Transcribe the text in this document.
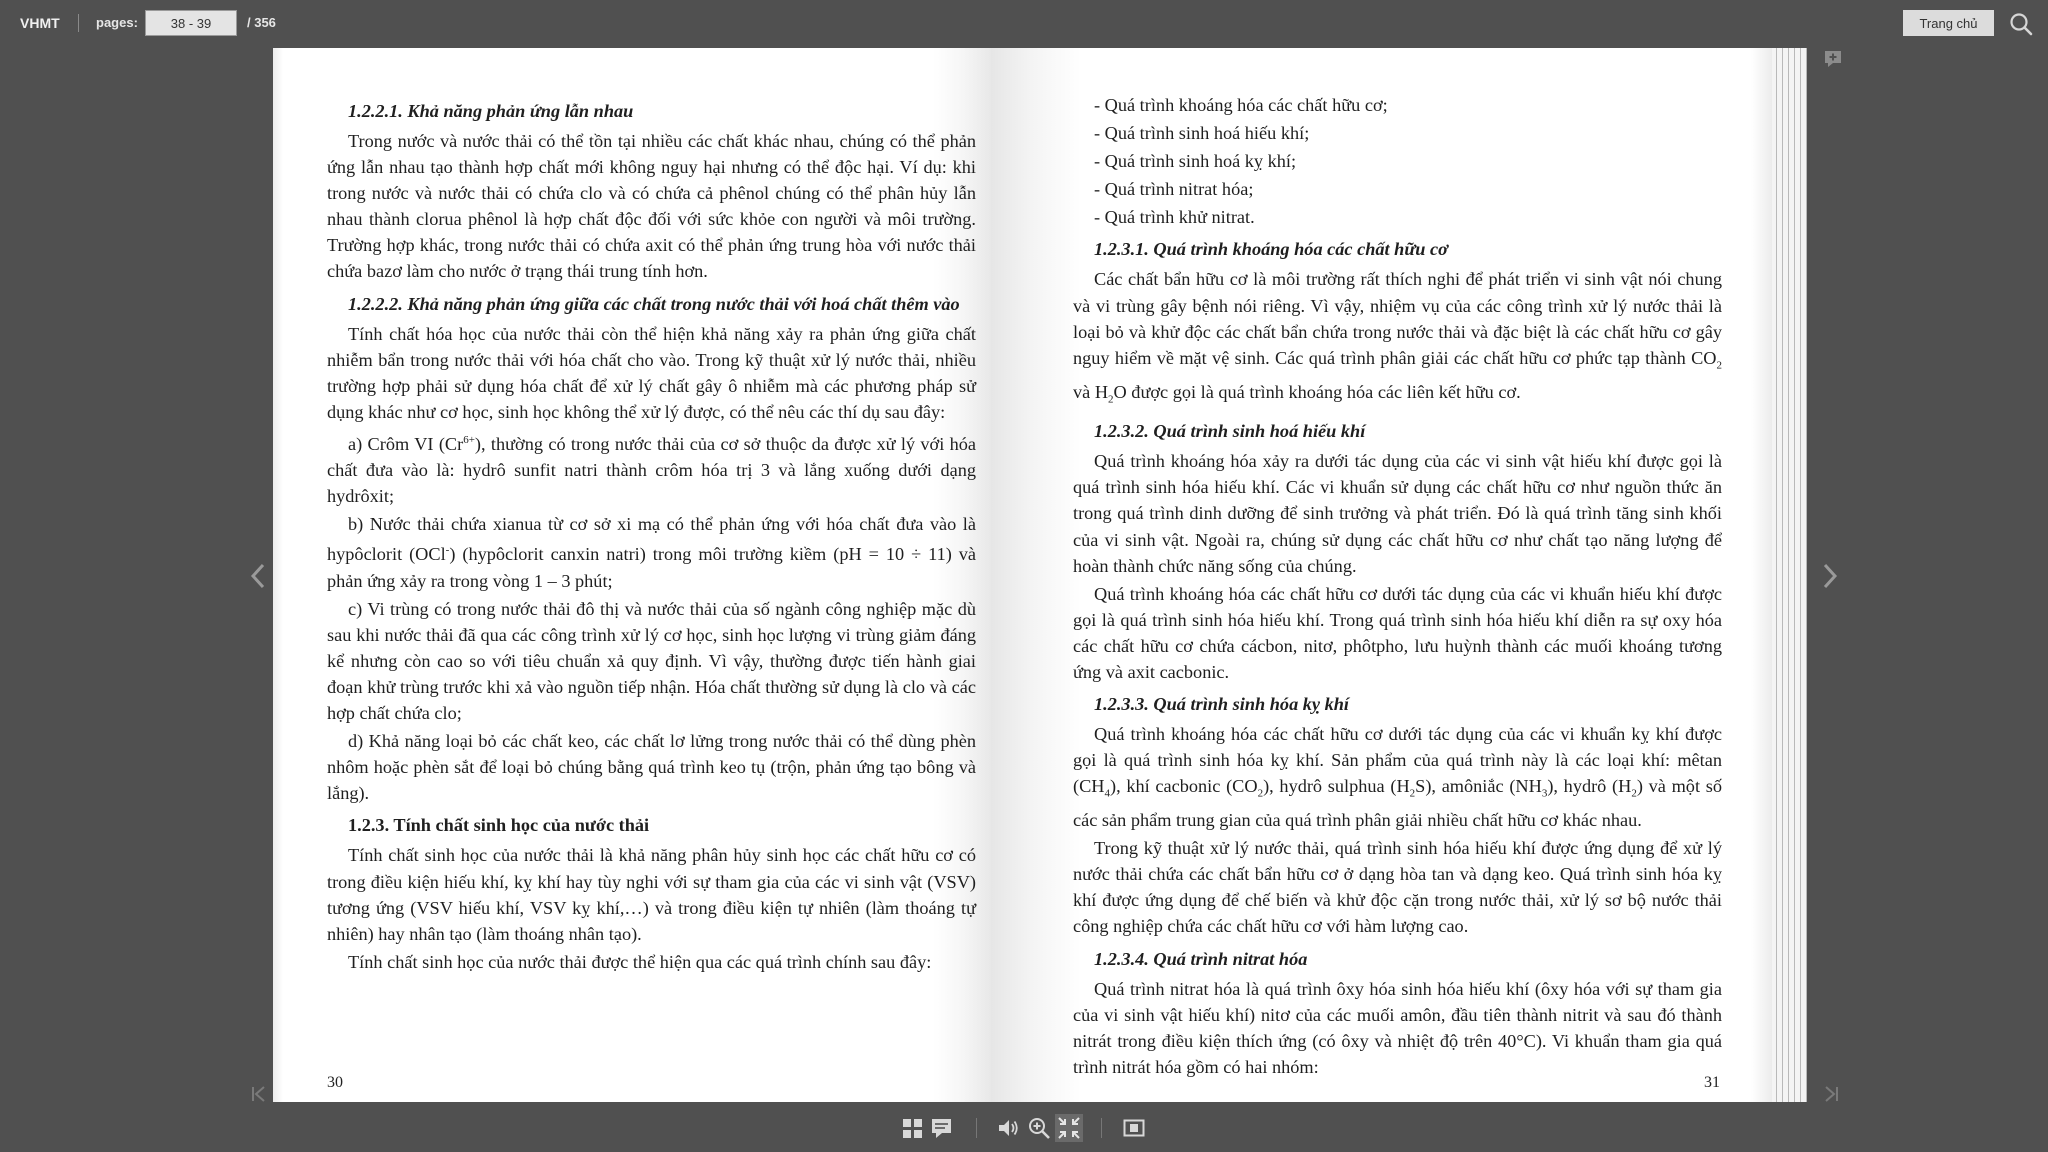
VHMT	pages:
38 - 39	/ 356	Trang chủ
1.2.2.1. Khả năng phản ứng lẫn nhau

Trong nước và nước thải có thể tồn tại nhiều các chất khác nhau, chúng có thể phản ứng lẫn nhau tạo thành hợp chất mới không nguy hại nhưng có thể độc hại. Ví dụ: khi trong nước và nước thải có chứa clo và có chứa cả phênol chúng có thể phân hủy lẫn nhau thành clorua phênol là hợp chất độc đối với sức khỏe con người và môi trường. Trường hợp khác, trong nước thải có chứa axit có thể phản ứng trung hòa với nước thải chứa bazơ làm cho nước ở trạng thái trung tính hơn.

1.2.2.2. Khả năng phản ứng giữa các chất trong nước thải với hoá chất thêm vào

Tính chất hóa học của nước thải còn thể hiện khả năng xảy ra phản ứng giữa chất nhiễm bẩn trong nước thải với hóa chất cho vào. Trong kỹ thuật xử lý nước thải, nhiều trường hợp phải sử dụng hóa chất để xử lý chất gây ô nhiễm mà các phương pháp sử dụng khác như cơ học, sinh học không thể xử lý được, có thể nêu các thí dụ sau đây:

a) Crôm VI $(Cr^{6+})$, thường có trong nước thải của cơ sở thuộc da được xử lý với hóa chất đưa vào là: hydrô sunfit natri thành crôm hóa trị 3 và lắng xuống dưới dạng hydrôxit;

b) Nước thải chứa xianua từ cơ sở xi mạ có thể phản ứng với hóa chất đưa vào là hypôclorit (OCl-) (hypôclorit canxin natri) trong môi trường kiềm (pH = 10 ÷ 11) và phản ứng xảy ra trong vòng 1 – 3 phút;

c) Vi trùng có trong nước thải đô thị và nước thải của số ngành công nghiệp mặc dù sau khi nước thải đã qua các công trình xử lý cơ học, sinh học lượng vi trùng giảm đáng kể nhưng còn cao so với tiêu chuẩn xả quy định. Vì vậy, thường được tiến hành giai đoạn khử trùng trước khi xả vào nguồn tiếp nhận. Hóa chất thường sử dụng là clo và các hợp chất chứa clo;

d) Khả năng loại bỏ các chất keo, các chất lơ lửng trong nước thải có thể dùng phèn nhôm hoặc phèn sắt để loại bỏ chúng bằng quá trình keo tụ (trộn, phản ứng tạo bông và lắng).

1.2.3. Tính chất sinh học của nước thải

Tính chất sinh học của nước thải là khả năng phân hủy sinh học các chất hữu cơ có trong điều kiện hiếu khí, kỵ khí hay tùy nghi với sự tham gia của các vi sinh vật (VSV) tương ứng (VSV hiếu khí, VSV kỵ khí,…) và trong điều kiện tự nhiên (làm thoáng tự nhiên) hay nhân tạo (làm thoáng nhân tạo).

Tính chất sinh học của nước thải được thể hiện qua các quá trình chính sau đây:

30

- Quá trình khoáng hóa các chất hữu cơ;

- Quá trình sinh hoá hiếu khí;

- Quá trình sinh hoá kỵ khí;

- Quá trình nitrat hóa;

- Quá trình khử nitrat.

1.2.3.1. Quá trình khoáng hóa các chất hữu cơ

Các chất bẩn hữu cơ là môi trường rất thích nghi để phát triển vi sinh vật nói chung và vi trùng gây bệnh nói riêng. Vì vậy, nhiệm vụ của các công trình xử lý nước thải là loại bỏ và khử độc các chất bẩn chứa trong nước thải và đặc biệt là các chất hữu cơ gây nguy hiểm về mặt vệ sinh. Các quá trình phân giải các chất hữu cơ phức tạp thành $CO_2$ và $H_2O$ được gọi là quá trình khoáng hóa các liên kết hữu cơ.

1.2.3.2. Quá trình sinh hoá hiếu khí

Quá trình khoáng hóa xảy ra dưới tác dụng của các vi sinh vật hiếu khí được gọi là quá trình sinh hóa hiếu khí. Các vi khuẩn sử dụng các chất hữu cơ như nguồn thức ăn trong quá trình dinh dưỡng để sinh trưởng và phát triển. Đó là quá trình tăng sinh khối của vi sinh vật. Ngoài ra, chúng sử dụng các chất hữu cơ như chất tạo năng lượng để hoàn thành chức năng sống của chúng.

Quá trình khoáng hóa các chất hữu cơ dưới tác dụng của các vi khuẩn hiếu khí được gọi là quá trình sinh hóa hiếu khí. Trong quá trình sinh hóa hiếu khí diễn ra sự oxy hóa các chất hữu cơ chứa cácbon, nitơ, phôtpho, lưu huỳnh thành các muối khoáng tương ứng và axit cacbonic.

1.2.3.3. Quá trình sinh hóa kỵ khí

Quá trình khoáng hóa các chất hữu cơ dưới tác dụng của các vi khuẩn kỵ khí được gọi là quá trình sinh hóa kỵ khí. Sản phẩm của quá trình này là các loại khí: mêtan $(CH_4)$, khí cacbonic $(CO_2)$, hydrô sulphua $(H_2S)$, amôniắc $(NH_3)$, hydrô $(H_2)$ và một số các sản phẩm trung gian của quá trình phân giải nhiều chất hữu cơ khác nhau.

Trong kỹ thuật xử lý nước thải, quá trình sinh hóa hiếu khí được ứng dụng để xử lý nước thải chứa các chất bẩn hữu cơ ở dạng hòa tan và dạng keo. Quá trình sinh hóa kỵ khí được ứng dụng để chế biến và khử độc cặn trong nước thải, xử lý sơ bộ nước thải công nghiệp chứa các chất hữu cơ với hàm lượng cao.

1.2.3.4. Quá trình nitrat hóa

Quá trình nitrat hóa là quá trình ôxy hóa sinh hóa hiếu khí (ôxy hóa với sự tham gia của vi sinh vật hiếu khí) nitơ của các muối amôn, đầu tiên thành nitrit và sau đó thành nitrát trong điều kiện thích ứng (có ôxy và nhiệt độ trên 40°C). Vi khuẩn tham gia quá trình nitrát hóa gồm có hai nhóm:

31
